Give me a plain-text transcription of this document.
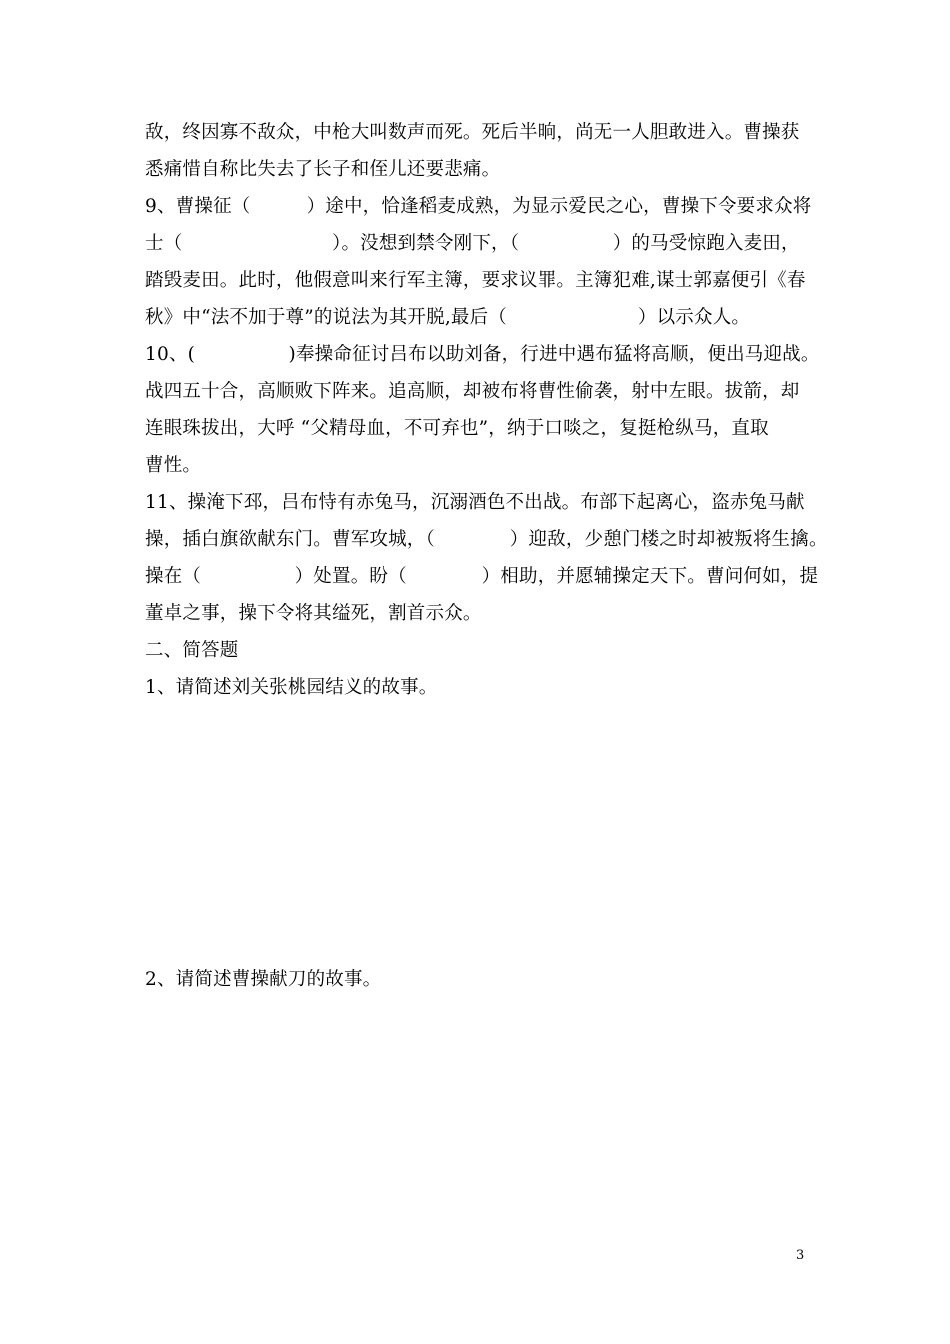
敌，终因寡不敌众，中枪大叫数声而死。死后半晌，尚无一人胆敢进入。曹操获
悉痛惜自称比失去了长子和侄儿还要悲痛。
9、曹操征（　　　）途中，恰逢稻麦成熟，为显示爱民之心，曹操下令要求众将
士（　　　　　　　　）。没想到禁令刚下，（　　　　　）的马受惊跑入麦田，
踏毁麦田。此时，他假意叫来行军主簿，要求议罪。主簿犯难,谋士郭嘉便引《春
秋》中“法不加于尊”的说法为其开脱,最后（　　　　　　　）以示众人。
10、(　　　　　)奉操命征讨吕布以助刘备，行进中遇布猛将高顺，便出马迎战。
战四五十合，高顺败下阵来。追高顺，却被布将曹性偷袭，射中左眼。拔箭，却
连眼珠拔出，大呼 “父精母血，不可弃也”，纳于口啖之，复挺枪纵马，直取
曹性。
11、操淹下邳，吕布恃有赤兔马，沉溺酒色不出战。布部下起离心，盗赤兔马献
操，插白旗欲献东门。曹军攻城，（　　　　）迎敌，少憩门楼之时却被叛将生擒。
操在（　　　　　）处置。盼（　　　　）相助，并愿辅操定天下。曹问何如，提
董卓之事，操下令将其缢死，割首示众。
二、简答题
1、请简述刘关张桃园结义的故事。
2、请简述曹操献刀的故事。
3
